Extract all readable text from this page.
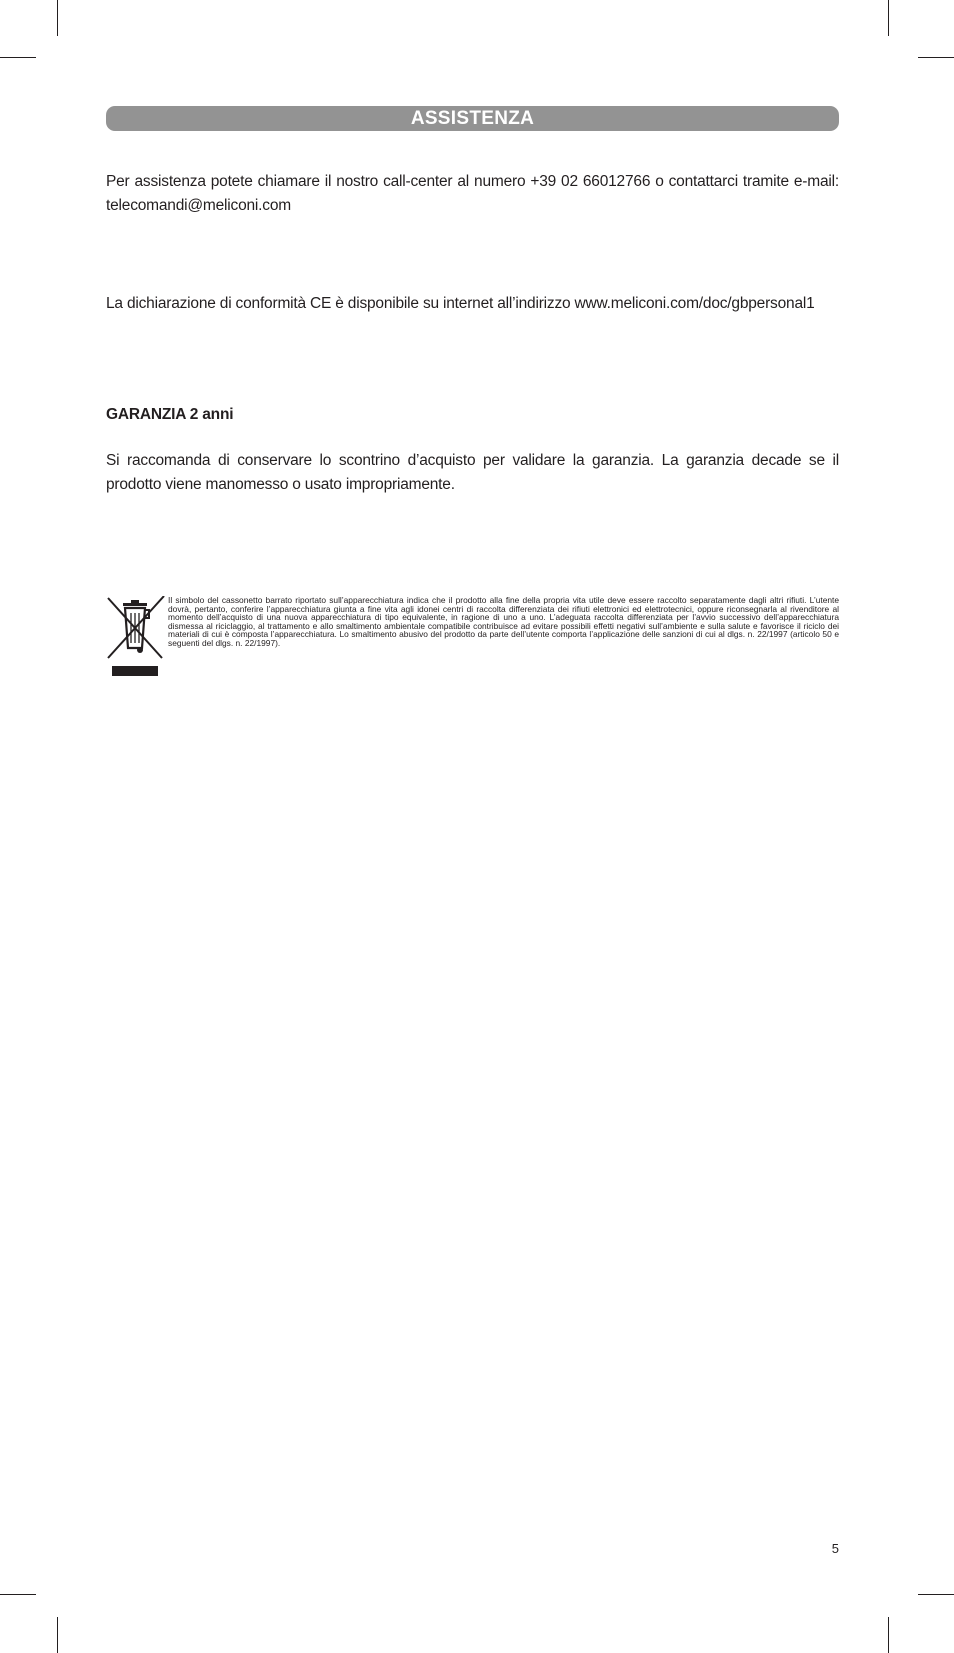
ASSISTENZA
Per assistenza potete chiamare il nostro call-center al numero +39 02 66012766 o contattarci tramite e-mail: telecomandi@meliconi.com
La dichiarazione di conformità CE è disponibile su internet all’indirizzo www.meliconi.com/doc/gbpersonal1
GARANZIA 2 anni
Si raccomanda di conservare lo scontrino d’acquisto per validare la garanzia. La garanzia decade se il prodotto viene manomesso o usato impropriamente.
Il simbolo del cassonetto barrato riportato sull’apparecchiatura indica che il prodotto alla fine della propria vita utile deve essere raccolto separatamente dagli altri rifiuti. L’utente dovrà, pertanto, conferire l’apparecchiatura giunta a fine vita agli idonei centri di raccolta differenziata dei rifiuti elettronici ed elettrotecnici, oppure riconsegnarla al rivenditore al momento dell’acquisto di una nuova apparecchiatura di tipo equivalente, in ragione di uno a uno. L’adeguata raccolta differenziata per l’avvio successivo dell’apparecchiatura dismessa al riciclaggio, al trattamento e allo smaltimento ambientale compatibile contribuisce ad evitare possibili effetti negativi sull’ambiente e sulla salute e favorisce il riciclo dei materiali di cui è composta l’apparecchiatura. Lo smaltimento abusivo del prodotto da parte dell’utente comporta l’applicazione delle sanzioni di cui al dlgs. n. 22/1997 (articolo 50 e seguenti del dlgs. n. 22/1997).
5
